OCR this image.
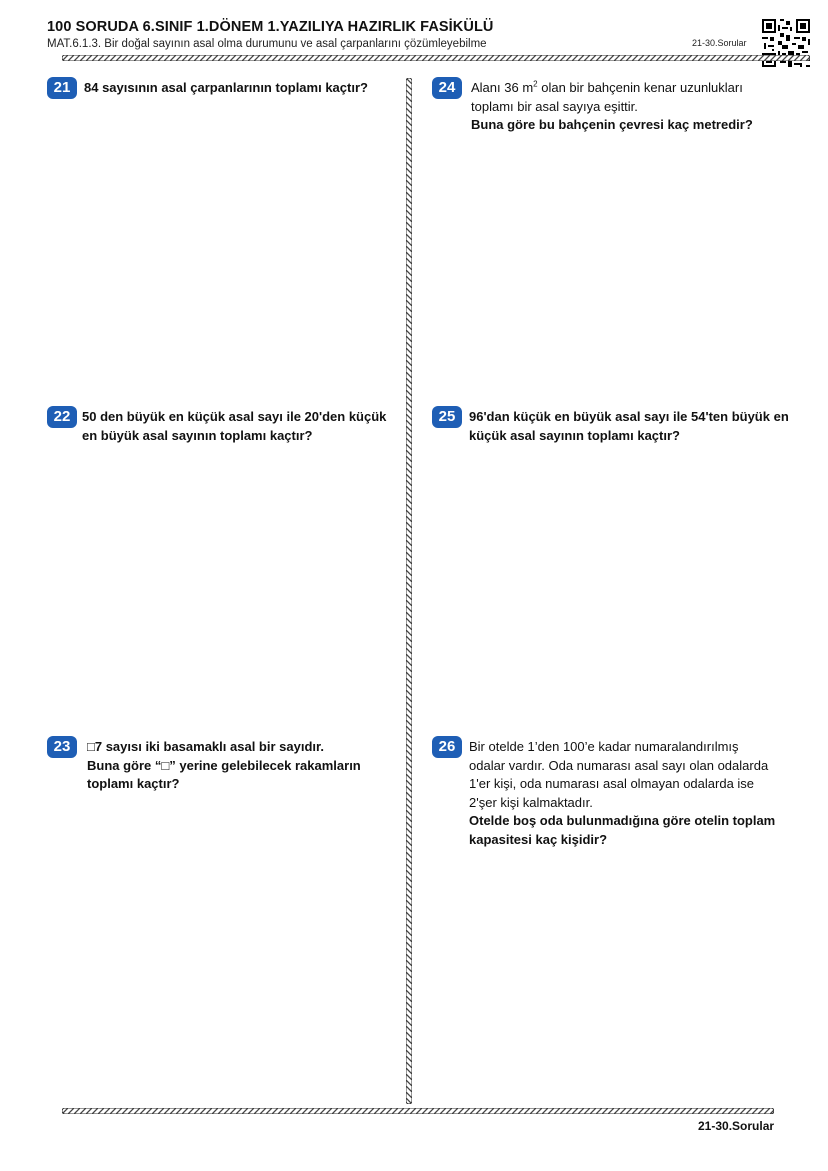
100 SORUDA 6.SINIF 1.DÖNEM 1.YAZILIYA HAZIRLIK FASİKÜLÜ
MAT.6.1.3. Bir doğal sayının asal olma durumunu ve asal çarpanlarını çözümleyebilme	21-30.Sorular
21	84 sayısının asal çarpanlarının toplamı kaçtır?
22 50 den büyük en küçük asal sayı ile 20'den küçük
en büyük asal sayının toplamı kaçtır?
23	□7 sayısı iki basamaklı asal bir sayıdır.
Buna göre “□” yerine gelebilecek rakamların
toplamı kaçtır?
24	Alanı 36 $m^2$ olan bir bahçenin kenar uzunlukları
toplamı bir asal sayıya eşittir.
Buna göre bu bahçenin çevresi kaç metredir?
25	96'dan küçük en büyük asal sayı ile 54'ten büyük en
küçük asal sayının toplamı kaçtır?
26	Bir otelde 1’den 100’e kadar numaralandırılmış
odalar vardır. Oda numarası asal sayı olan odalarda
1'er kişi, oda numarası asal olmayan odalarda ise
2'şer kişi kalmaktadır.
Otelde boş oda bulunmadığına göre otelin toplam
kapasitesi kaç kişidir?
21-30.Sorular
